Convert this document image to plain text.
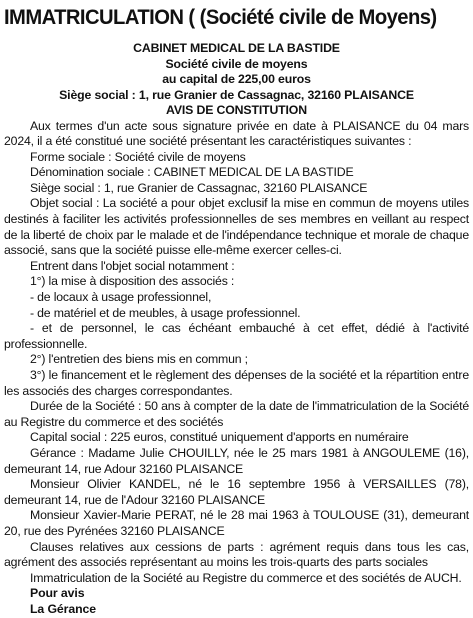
IMMATRICULATION ( (Société civile de Moyens)
CABINET MEDICAL DE LA BASTIDE
Société civile de moyens
au capital de 225,00 euros
Siège social : 1, rue Granier de Cassagnac, 32160 PLAISANCE
AVIS DE CONSTITUTION

Aux termes d'un acte sous signature privée en date à PLAISANCE du 04 mars 2024, il a été constitué une société présentant les caractéristiques suivantes :

Forme sociale : Société civile de moyens

Dénomination sociale : CABINET MEDICAL DE LA BASTIDE

Siège social : 1, rue Granier de Cassagnac, 32160 PLAISANCE

Objet social : La société a pour objet exclusif la mise en commun de moyens utiles destinés à faciliter les activités professionnelles de ses membres en veillant au respect de la liberté de choix par le malade et de l'indépendance technique et morale de chaque associé, sans que la société puisse elle-même exercer celles-ci.

Entrent dans l'objet social notamment :

1°) la mise à disposition des associés :

- de locaux à usage professionnel,

- de matériel et de meubles, à usage professionnel.

- et de personnel, le cas échéant embauché à cet effet, dédié à l'activité professionnelle.

2°) l'entretien des biens mis en commun ;

3°) le financement et le règlement des dépenses de la société et la répartition entre les associés des charges correspondantes.

Durée de la Société : 50 ans à compter de la date de l'immatriculation de la Société au Registre du commerce et des sociétés

Capital social : 225 euros, constitué uniquement d'apports en numéraire

Gérance : Madame Julie CHOUILLY, née le 25 mars 1981 à ANGOULEME (16), demeurant 14, rue Adour 32160 PLAISANCE

Monsieur Olivier KANDEL, né le 16 septembre 1956 à VERSAILLES (78), demeurant 14, rue de l'Adour 32160 PLAISANCE

Monsieur Xavier-Marie PERAT, né le 28 mai 1963 à TOULOUSE (31), demeurant 20, rue des Pyrénées 32160 PLAISANCE

Clauses relatives aux cessions de parts : agrément requis dans tous les cas, agrément des associés représentant au moins les trois-quarts des parts sociales

Immatriculation de la Société au Registre du commerce et des sociétés de AUCH.

Pour avis
La Gérance
